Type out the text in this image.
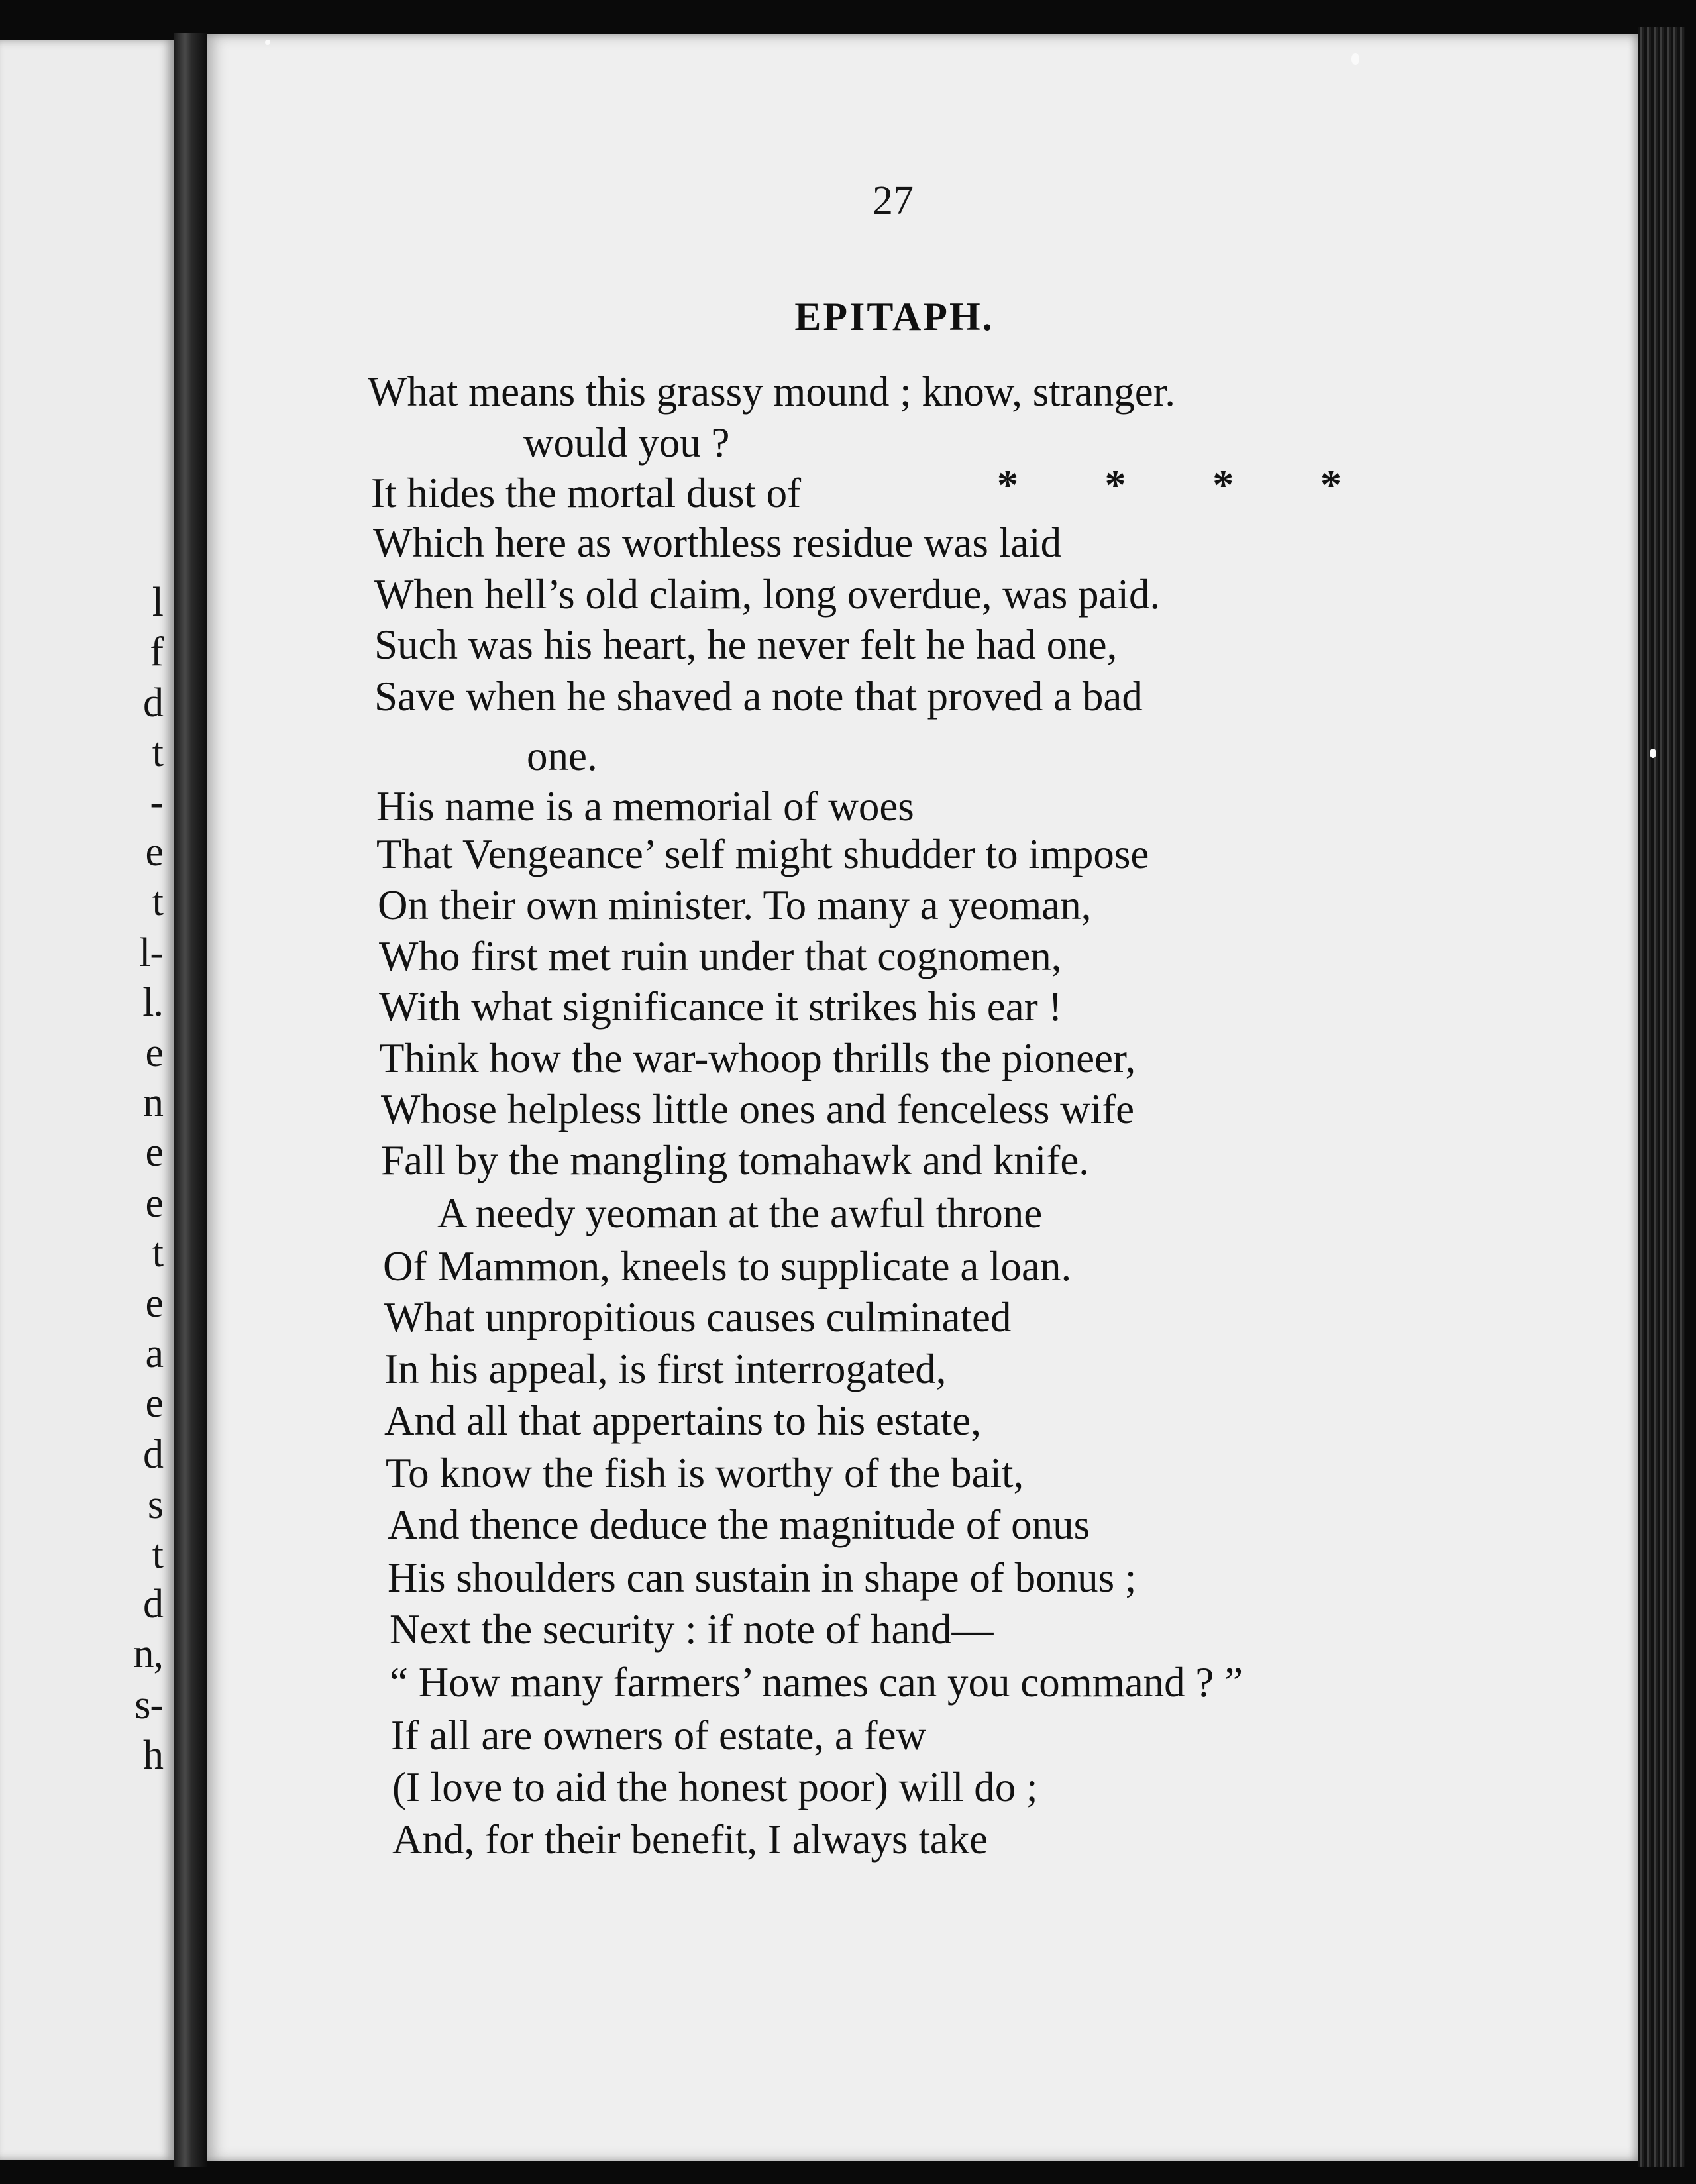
l
f
d
t
-
e
t
l-
l.
e
n
e
e
t
e
a
e
d
s
t
d
n,
s-
h
27
EPITAPH.
* * * *
What means this grassy mound ; know, stranger.
would you ?
It hides the mortal dust of
Which here as worthless residue was laid
When hell’s old claim, long overdue, was paid.
Such was his heart, he never felt he had one,
Save when he shaved a note that proved a bad
one.
His name is a memorial of woes
That Vengeance’ self might shudder to impose
On their own minister. To many a yeoman,
Who first met ruin under that cognomen,
With what significance it strikes his ear !
Think how the war-whoop thrills the pioneer,
Whose helpless little ones and fenceless wife
Fall by the mangling tomahawk and knife.
A needy yeoman at the awful throne
Of Mammon, kneels to supplicate a loan.
What unpropitious causes culminated
In his appeal, is first interrogated,
And all that appertains to his estate,
To know the fish is worthy of the bait,
And thence deduce the magnitude of onus
His shoulders can sustain in shape of bonus ;
Next the security : if note of hand—
“ How many farmers’ names can you command ? ”
If all are owners of estate, a few
(I love to aid the honest poor) will do ;
And, for their benefit, I always take
